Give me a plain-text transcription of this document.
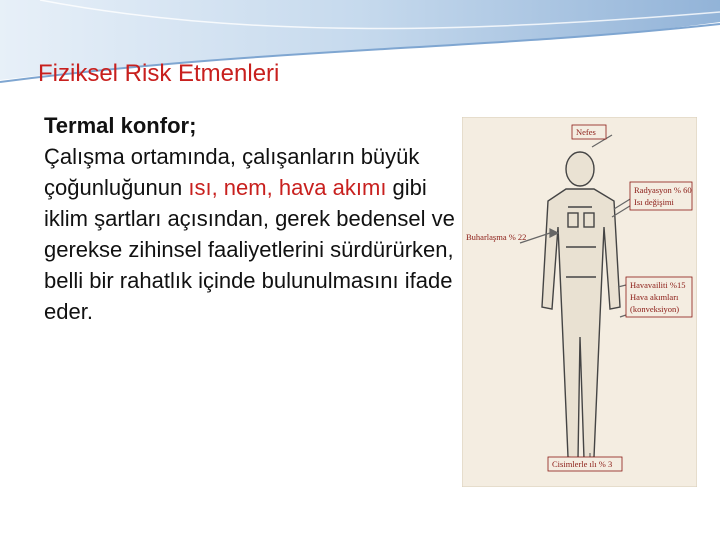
Fiziksel Risk Etmenleri
Termal konfor;
Çalışma ortamında, çalışanların büyük çoğunluğunun ısı, nem, hava akımı gibi iklim şartları açısından, gerek bedensel ve gerekse zihinsel faaliyetlerini sürdürürken, belli bir rahatlık içinde bulunulmasını ifade eder.
Nefes
Radyasyon % 60
Isı değişimi
Buharlaşma % 22
Havavailiti %15
Hava akımları
(konveksiyon)
Cisimlerle ılı % 3
